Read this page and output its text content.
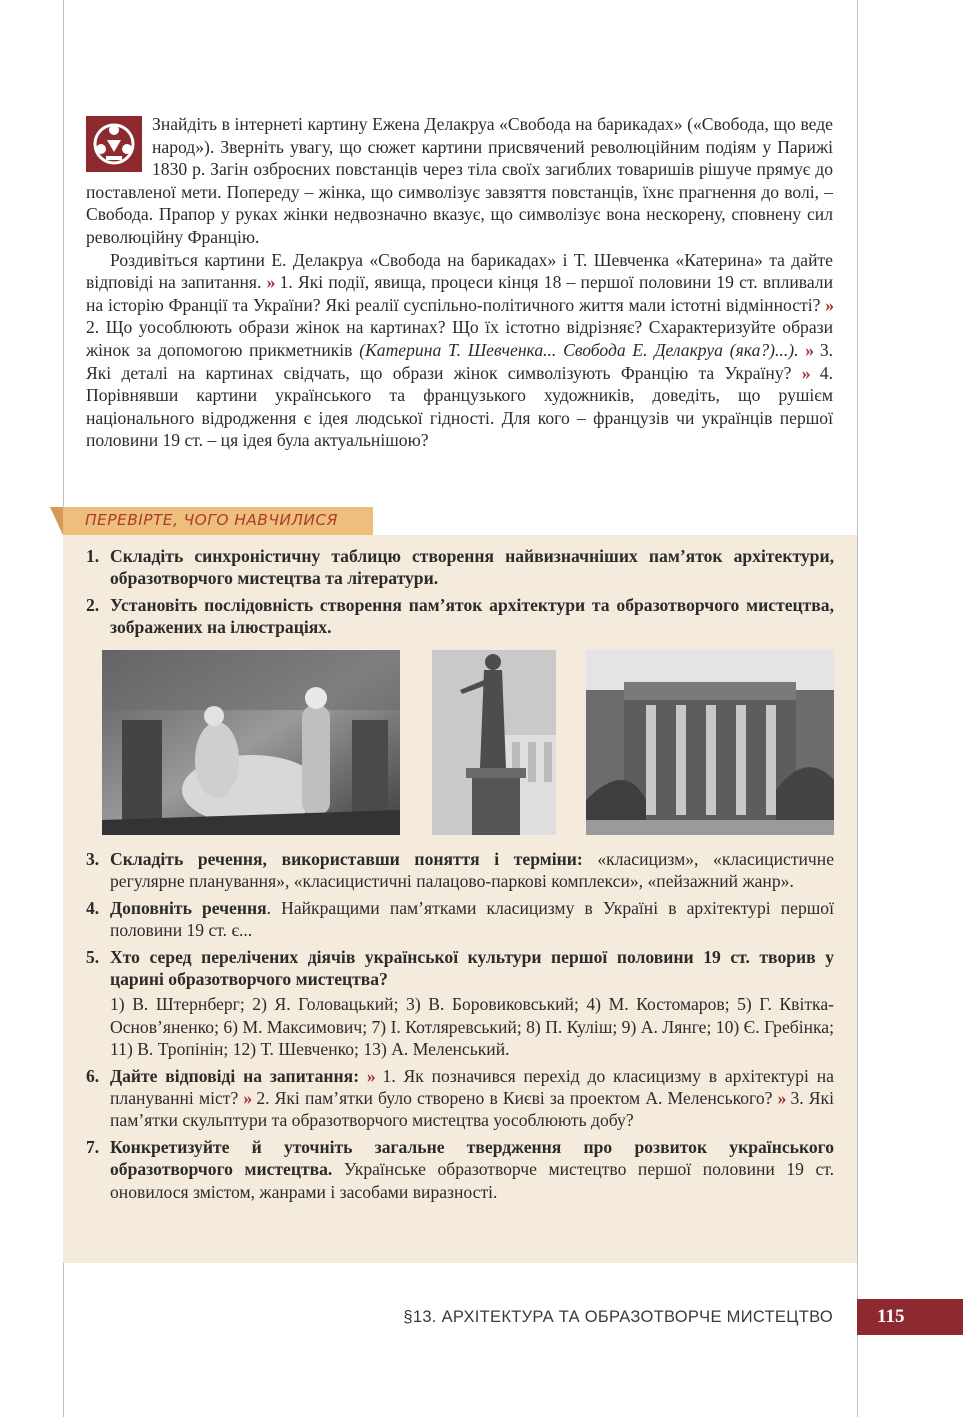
Знайдіть в інтернеті картину Ежена Делакруа «Свобода на барикадах» («Свобода, що веде народ»). Зверніть увагу, що сюжет картини присвячений революційним подіям у Парижі 1830 р. Загін озброєних повстанців через тіла своїх загиблих товаришів рішуче прямує до поставленої мети. Попереду – жінка, що символізує завзяття повстанців, їхнє прагнення до волі, – Свобода. Прапор у руках жінки недвозначно вказує, що символізує вона нескорену, сповнену сил революційну Францію.

Роздивіться картини Е. Делакруа «Свобода на барикадах» і Т. Шевченка «Катерина» та дайте відповіді на запитання. » 1. Які події, явища, процеси кінця 18 – першої половини 19 ст. впливали на історію Франції та України? Які реалії суспільно-політичного життя мали істотні відмінності? » 2. Що уособлюють образи жінок на картинах? Що їх істотно відрізняє? Схарактеризуйте образи жінок за допомогою прикметників (Катерина Т. Шевченка... Свобода Е. Делакруа (яка?)...). » 3. Які деталі на картинах свідчать, що образи жінок символізують Францію та Україну? » 4. Порівнявши картини українського та французького художників, доведіть, що рушієм національного відродження є ідея людської гідності. Для кого – французів чи українців першої половини 19 ст. – ця ідея була актуальнішою?

ПЕРЕВІРТЕ, ЧОГО НАВЧИЛИСЯ
1. Складіть синхроністичну таблицю створення найвизначніших пам’яток архітектури, образотворчого мистецтва та літератури.
2. Установіть послідовність створення пам’яток архітектури та образотворчого мистецтва, зображених на ілюстраціях.
3. Складіть речення, використавши поняття і терміни: «класицизм», «класицистичне регулярне планування», «класицистичні палацово-паркові комплекси», «пейзажний жанр».
4. Доповніть речення. Найкращими пам’ятками класицизму в Україні в архітектурі першої половини 19 ст. є...
5. Хто серед перелічених діячів української культури першої половини 19 ст. творив у царині образотворчого мистецтва?
1) В. Штернберг; 2) Я. Головацький; 3) В. Боровиковський; 4) М. Костомаров; 5) Г. Квітка-Основ’яненко; 6) М. Максимович; 7) І. Котляревський; 8) П. Куліш; 9) А. Лянге; 10) Є. Гребінка; 11) В. Тропінін; 12) Т. Шевченко; 13) А. Меленський.
6. Дайте відповіді на запитання: » 1. Як позначився перехід до класицизму в архітектурі на плануванні міст? » 2. Які пам’ятки було створено в Києві за проектом А. Меленського? » 3. Які пам’ятки скульптури та образотворчого мистецтва уособлюють добу?
7. Конкретизуйте й уточніть загальне твердження про розвиток українського образотворчого мистецтва. Українське образотворче мистецтво першої половини 19 ст. оновилося змістом, жанрами і засобами виразності.
§13. АРХІТЕКТУРА ТА ОБРАЗОТВОРЧЕ МИСТЕЦТВО	115
